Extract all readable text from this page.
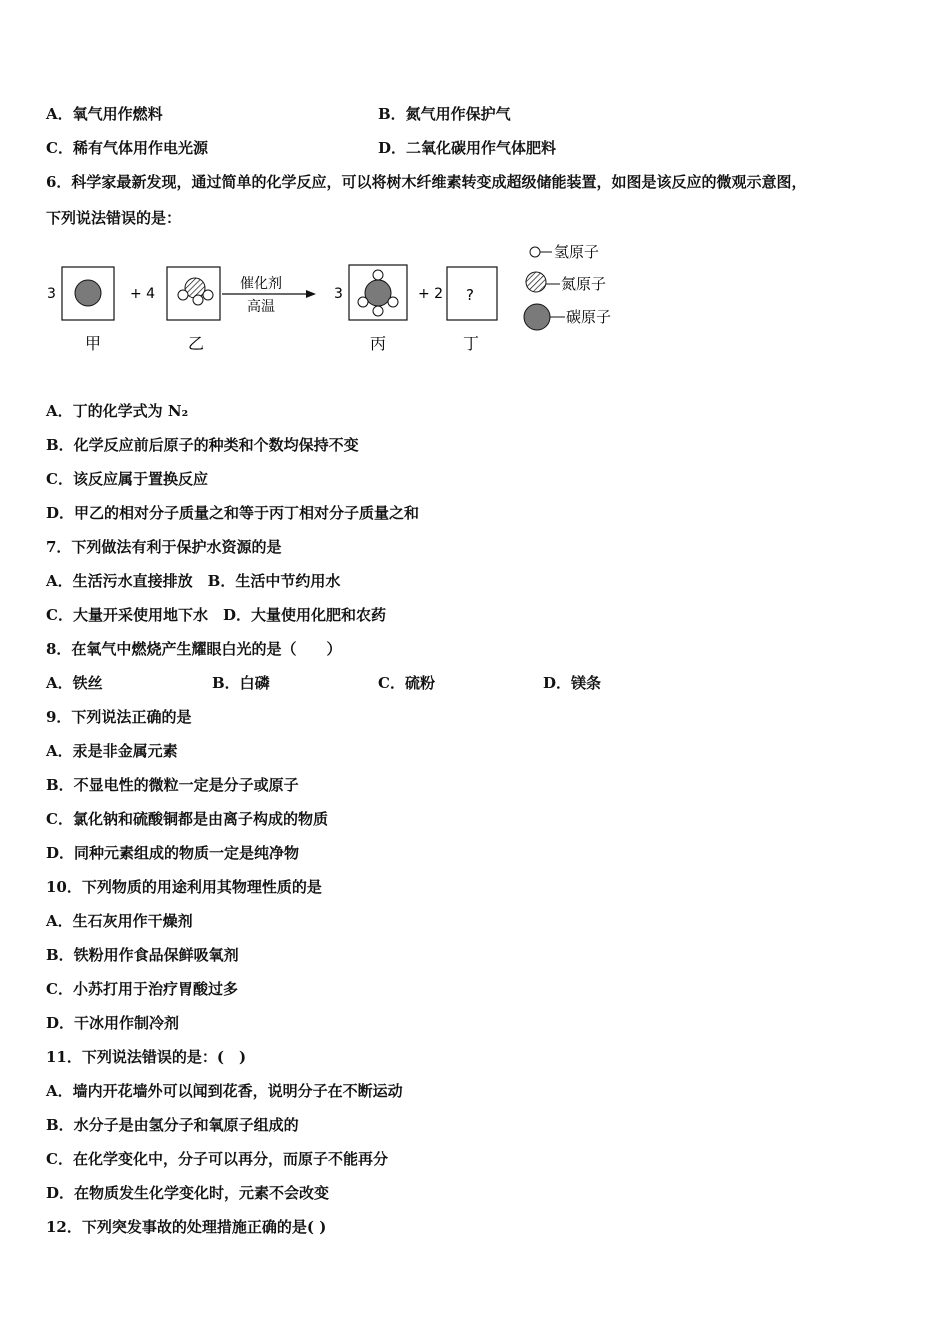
A．氧气用作燃料	B．氮气用作保护气
C．稀有气体用作电光源	D．二氧化碳用作气体肥料
6．科学家最新发现，通过简单的化学反应，可以将树木纤维素转变成超级储能装置，如图是该反应的微观示意图，
下列说法错误的是：
3
甲
+ 4
乙
催化剂
高温
3
丙
+ 2 ?
丁
氢原子
氮原子
碳原子
A．丁的化学式为 N₂
B．化学反应前后原子的种类和个数均保持不变
C．该反应属于置换反应
D．甲乙的相对分子质量之和等于丙丁相对分子质量之和
7．下列做法有利于保护水资源的是
A．生活污水直接排放　B．生活中节约用水
C．大量开采使用地下水　D．大量使用化肥和农药
8．在氧气中燃烧产生耀眼白光的是（　　）
A．铁丝	B．白磷	C．硫粉	D．镁条
9．下列说法正确的是
A．汞是非金属元素
B．不显电性的微粒一定是分子或原子
C．氯化钠和硫酸铜都是由离子构成的物质
D．同种元素组成的物质一定是纯净物
10．下列物质的用途利用其物理性质的是
A．生石灰用作干燥剂
B．铁粉用作食品保鲜吸氧剂
C．小苏打用于治疗胃酸过多
D．干冰用作制冷剂
11．下列说法错误的是：(　)
A．墙内开花墙外可以闻到花香，说明分子在不断运动
B．水分子是由氢分子和氧原子组成的
C．在化学变化中，分子可以再分，而原子不能再分
D．在物质发生化学变化时，元素不会改变
12．下列突发事故的处理措施正确的是( )
